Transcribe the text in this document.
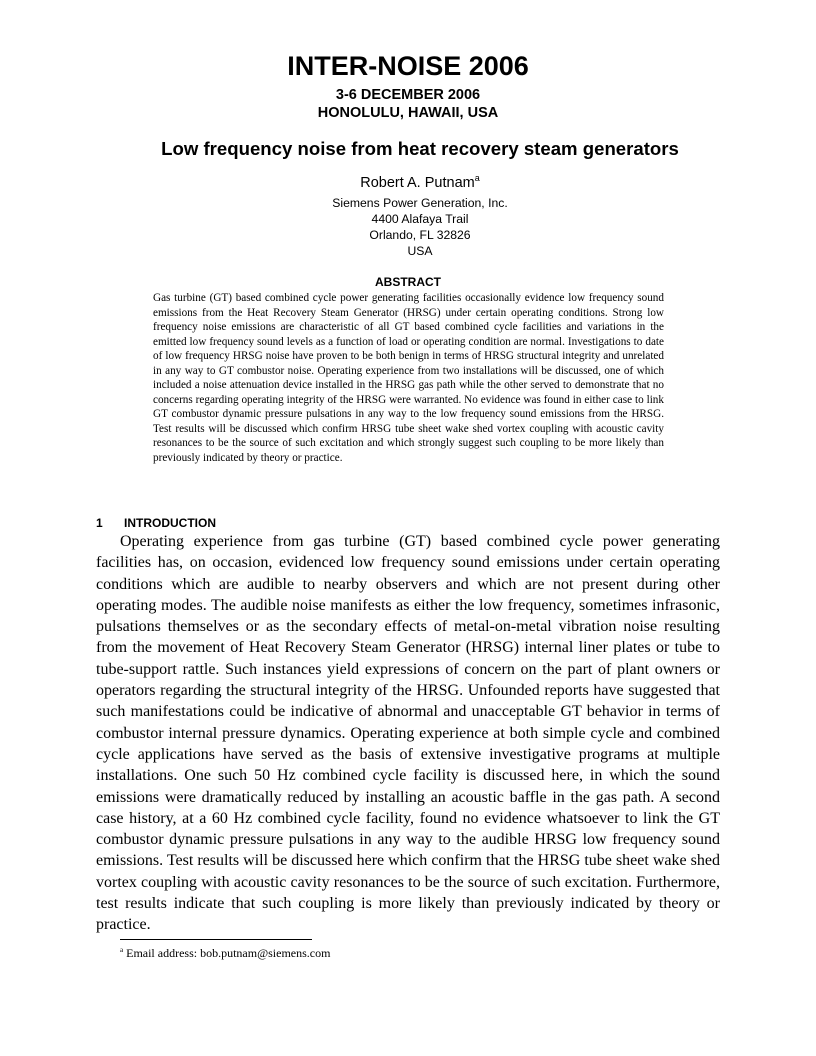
INTER-NOISE 2006
3-6 DECEMBER 2006
HONOLULU, HAWAII, USA
Low frequency noise from heat recovery steam generators
Robert A. Putnam$^a$
Siemens Power Generation, Inc.
4400 Alafaya Trail
Orlando, FL 32826
USA
ABSTRACT
Gas turbine (GT) based combined cycle power generating facilities occasionally evidence low frequency sound emissions from the Heat Recovery Steam Generator (HRSG) under certain operating conditions. Strong low frequency noise emissions are characteristic of all GT based combined cycle facilities and variations in the emitted low frequency sound levels as a function of load or operating condition are normal. Investigations to date of low frequency HRSG noise have proven to be both benign in terms of HRSG structural integrity and unrelated in any way to GT combustor noise. Operating experience from two installations will be discussed, one of which included a noise attenuation device installed in the HRSG gas path while the other served to demonstrate that no concerns regarding operating integrity of the HRSG were warranted. No evidence was found in either case to link GT combustor dynamic pressure pulsations in any way to the low frequency sound emissions from the HRSG. Test results will be discussed which confirm HRSG tube sheet wake shed vortex coupling with acoustic cavity resonances to be the source of such excitation and which strongly suggest such coupling to be more likely than previously indicated by theory or practice.
1 INTRODUCTION

Operating experience from gas turbine (GT) based combined cycle power generating facilities has, on occasion, evidenced low frequency sound emissions under certain operating conditions which are audible to nearby observers and which are not present during other operating modes. The audible noise manifests as either the low frequency, sometimes infrasonic, pulsations themselves or as the secondary effects of metal-on-metal vibration noise resulting from the movement of Heat Recovery Steam Generator (HRSG) internal liner plates or tube to tube-support rattle. Such instances yield expressions of concern on the part of plant owners or operators regarding the structural integrity of the HRSG. Unfounded reports have suggested that such manifestations could be indicative of abnormal and unacceptable GT behavior in terms of combustor internal pressure dynamics. Operating experience at both simple cycle and combined cycle applications have served as the basis of extensive investigative programs at multiple installations. One such 50 Hz combined cycle facility is discussed here, in which the sound emissions were dramatically reduced by installing an acoustic baffle in the gas path. A second case history, at a 60 Hz combined cycle facility, found no evidence whatsoever to link the GT combustor dynamic pressure pulsations in any way to the audible HRSG low frequency sound emissions. Test results will be discussed here which confirm that the HRSG tube sheet wake shed vortex coupling with acoustic cavity resonances to be the source of such excitation. Furthermore, test results indicate that such coupling is more likely than previously indicated by theory or practice.

$^a$ Email address: bob.putnam@siemens.com
